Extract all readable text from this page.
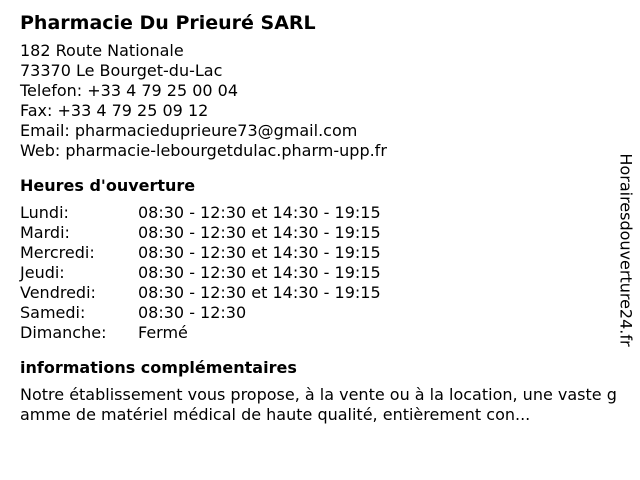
Pharmacie Du Prieuré SARL
182 Route Nationale
73370 Le Bourget-du-Lac
Telefon: +33 4 79 25 00 04
Fax: +33 4 79 25 09 12
Email: pharmacieduprieure73@gmail.com
Web: pharmacie-lebourgetdulac.pharm-upp.fr
Heures d'ouverture
Lundi:	08:30 - 12:30 et 14:30 - 19:15
Mardi:	08:30 - 12:30 et 14:30 - 19:15
Mercredi:	08:30 - 12:30 et 14:30 - 19:15
Jeudi:	08:30 - 12:30 et 14:30 - 19:15
Vendredi:	08:30 - 12:30 et 14:30 - 19:15
Samedi:	08:30 - 12:30
Dimanche:	Fermé
informations complémentaires
Notre établissement vous propose, à la vente ou à la location, une vaste gamme de matériel médical de haute qualité, entièrement con...
Horairesdouverture24.fr
